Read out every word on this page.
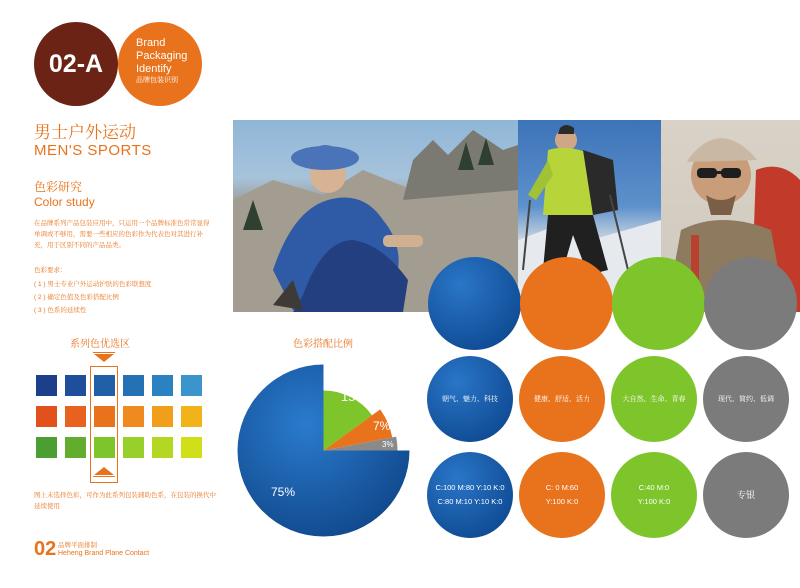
02-A
Brand
Packaging
Identify
品牌包装识别
男士户外运动
MEN'S SPORTS
色彩研究
Color study
在品牌系列产品包装应用中，只运用一个品牌标准色常常显得单调或不够用，需要一些相应的色彩作为代表色对其进行补充，用于区别不同的产品品类。
色彩要求：
( 1 ) 男士专业户外运动护肤的色彩联想度
( 2 ) 确定色值及色彩搭配比例
( 3 ) 色系的延续性
系列色优选区
图上末选择色彩，可作为此系列包装辅助色系，在包装的换代中延续使用
02 品牌平面排制
Heheng Brand Plane Contact
朝气、魅力、科技	健康、舒适、活力	大自然、生命、青春	现代、简约、低调
C:100 M:80 Y:10 K:0
C:80 M:10 Y:10 K:0
C: 0 M:60
Y:100 K:0
C:40 M:0
Y:100 K:0
专银
色彩搭配比例
75%
15%
7%
3%
